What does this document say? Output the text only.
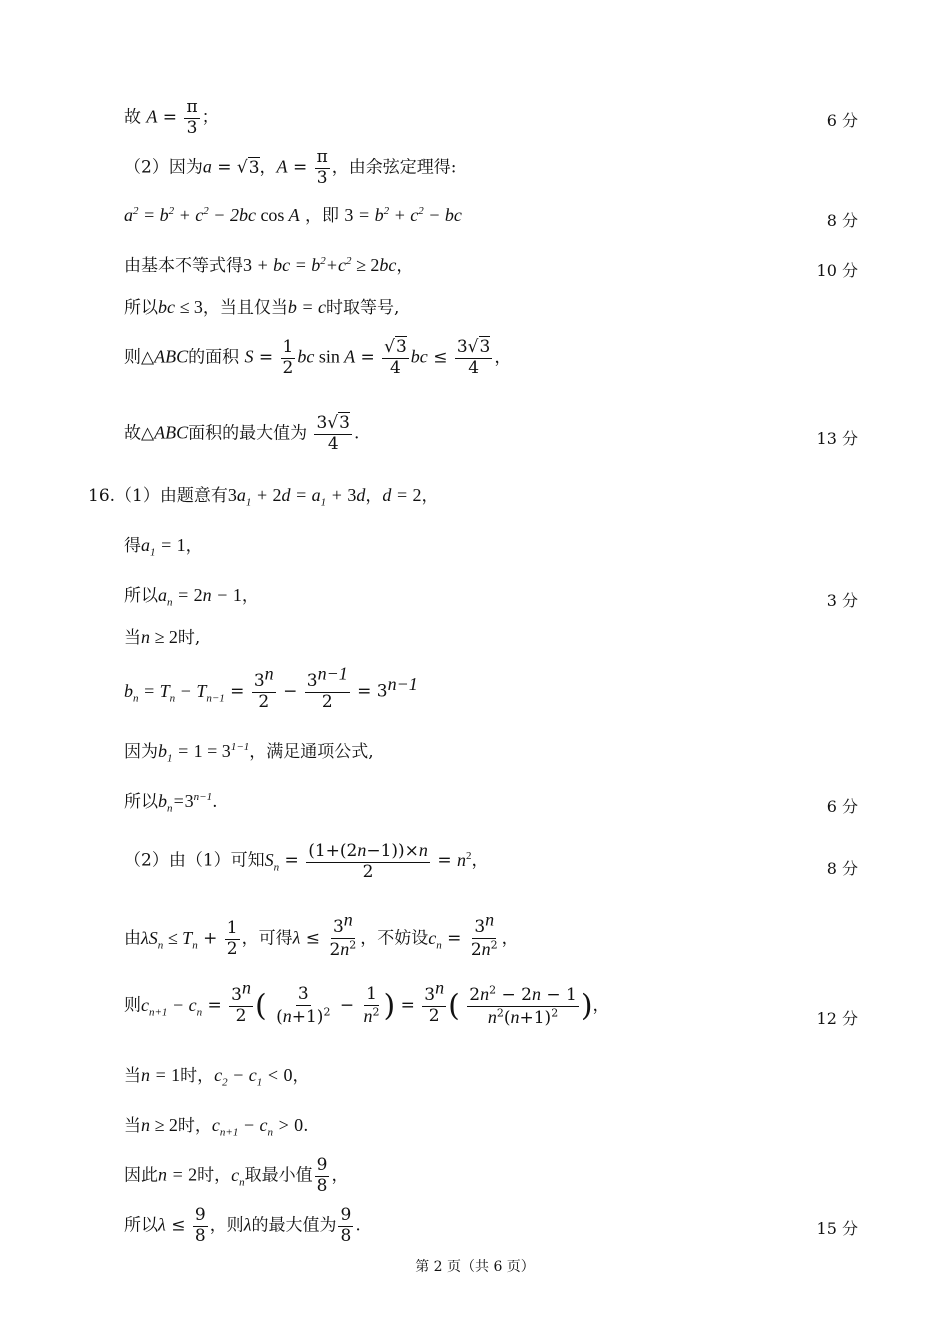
故 $A = \frac{\pi}{3}$ ；	6 分
（2）因为a = √3，$A = \frac{\pi}{3}$ ，由余弦定理得:
$a^2 = b^2 + c^2 - 2bc$ cos A ，即 $3 = b^2 + c^2$ − bc	8 分
由基本不等式得3 + bc = $b^2+c^2 \ge 2bc$，	10 分
所以bc ≤ 3，当且仅当b = c时取等号,
则△ABC的面积 $S = \frac{1}{2}$ bc $\sin A = \frac{√3}{4}$ bc ≤ $\frac{3√3}{4}$ ，
故△ABC面积的最大值为 $\frac{3√3}{4}$ .	13 分
16.（1）由题意有$3a_1 + 2d = a_1 + 3d$，d = 2，
得$a_1 = 1$，
所以$a_n = 2n - 1$，	3 分
当n ≥ 2时,
$b_n = T_n - T_{n-1} = \frac{3^n}{2} - \frac{3^{n-1}}{2} = 3^{n-1}$
因为$b_1 = 1 = 3^{1-1}$，满足通项公式,
所以$b_n=3^{n-1}$.	6 分
（2）由（1）可知$S_n = \frac{(1+(2n-1))\times n}{2} = n^2$，	8 分
由$\lambda S_n \le T_n + \frac{1}{2}$ ，可得$\lambda \le \frac{3^n}{2n^2}$ ，不妨设$c_n = \frac{3^n}{2n^2}$ ，
则$c_{n+1} - c_n = \frac{3^n}{2}$ ( $\frac{3}{(n+1)^2} - \frac{1}{n^2}$ ) = $\frac{3^n}{2}$ ( $\frac{2n^2 - 2n - 1}{n^2(n+1)^2}$ )，
12 分
当n = 1时，$c_2 - c_1 < 0$，
当n ≥ 2时，$c_{n+1} - c_n > 0$.
因此n = 2时，$c_n$取最小值 $\frac{9}{8}$ ，
所以$\lambda \le \frac{9}{8}$ ，则λ的最大值为 $\frac{9}{8}$ .	15 分
第 2 页（共 6 页）
